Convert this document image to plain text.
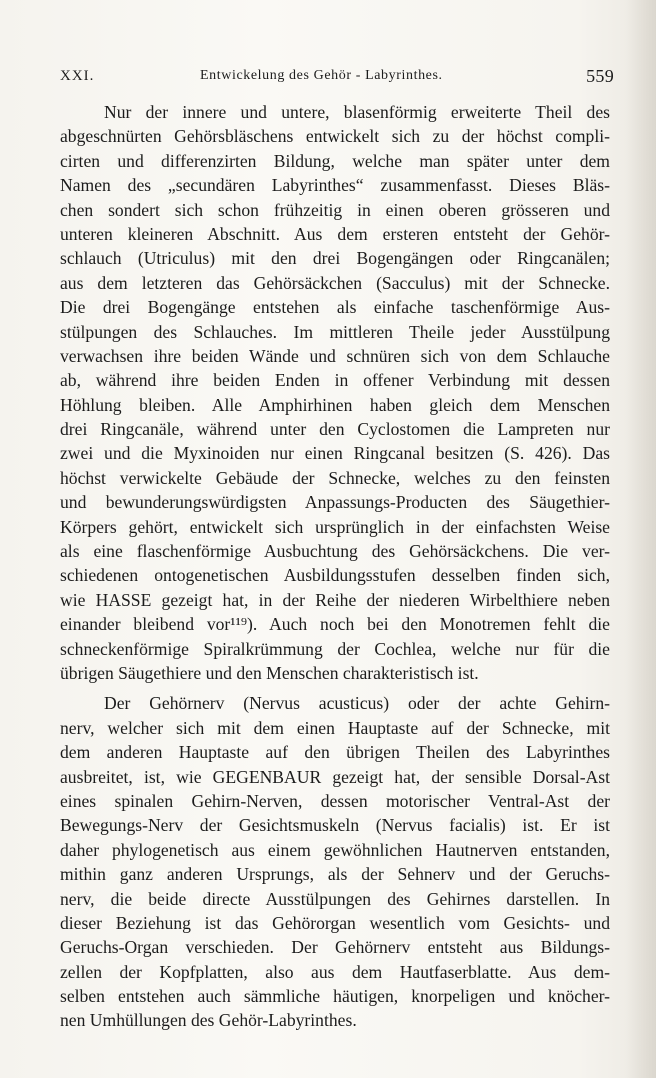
XXI.	Entwickelung des Gehör - Labyrinthes.	559
Nur der innere und untere, blasenförmig erweiterte Theil des
abgeschnürten Gehörsbläschens entwickelt sich zu der höchst compli-
cirten und differenzirten Bildung, welche man später unter dem
Namen des „secundären Labyrinthes“ zusammenfasst. Dieses Bläs-
chen sondert sich schon frühzeitig in einen oberen grösseren und
unteren kleineren Abschnitt. Aus dem ersteren entsteht der Gehör-
schlauch (Utriculus) mit den drei Bogengängen oder Ringcanälen;
aus dem letzteren das Gehörsäckchen (Sacculus) mit der Schnecke.
Die drei Bogengänge entstehen als einfache taschenförmige Aus-
stülpungen des Schlauches. Im mittleren Theile jeder Ausstülpung
verwachsen ihre beiden Wände und schnüren sich von dem Schlauche
ab, während ihre beiden Enden in offener Verbindung mit dessen
Höhlung bleiben. Alle Amphirhinen haben gleich dem Menschen
drei Ringcanäle, während unter den Cyclostomen die Lampreten nur
zwei und die Myxinoiden nur einen Ringcanal besitzen (S. 426). Das
höchst verwickelte Gebäude der Schnecke, welches zu den feinsten
und bewunderungswürdigsten Anpassungs-Producten des Säugethier-
Körpers gehört, entwickelt sich ursprünglich in der einfachsten Weise
als eine flaschenförmige Ausbuchtung des Gehörsäckchens. Die ver-
schiedenen ontogenetischen Ausbildungsstufen desselben finden sich,
wie HASSE gezeigt hat, in der Reihe der niederen Wirbelthiere neben
einander bleibend vor¹¹⁹). Auch noch bei den Monotremen fehlt die
schneckenförmige Spiralkrümmung der Cochlea, welche nur für die
übrigen Säugethiere und den Menschen charakteristisch ist.
Der Gehörnerv (Nervus acusticus) oder der achte Gehirn-
nerv, welcher sich mit dem einen Hauptaste auf der Schnecke, mit
dem anderen Hauptaste auf den übrigen Theilen des Labyrinthes
ausbreitet, ist, wie GEGENBAUR gezeigt hat, der sensible Dorsal-Ast
eines spinalen Gehirn-Nerven, dessen motorischer Ventral-Ast der
Bewegungs-Nerv der Gesichtsmuskeln (Nervus facialis) ist. Er ist
daher phylogenetisch aus einem gewöhnlichen Hautnerven entstanden,
mithin ganz anderen Ursprungs, als der Sehnerv und der Geruchs-
nerv, die beide directe Ausstülpungen des Gehirnes darstellen. In
dieser Beziehung ist das Gehörorgan wesentlich vom Gesichts- und
Geruchs-Organ verschieden. Der Gehörnerv entsteht aus Bildungs-
zellen der Kopfplatten, also aus dem Hautfaserblatte. Aus dem-
selben entstehen auch sämmliche häutigen, knorpeligen und knöcher-
nen Umhüllungen des Gehör-Labyrinthes.
